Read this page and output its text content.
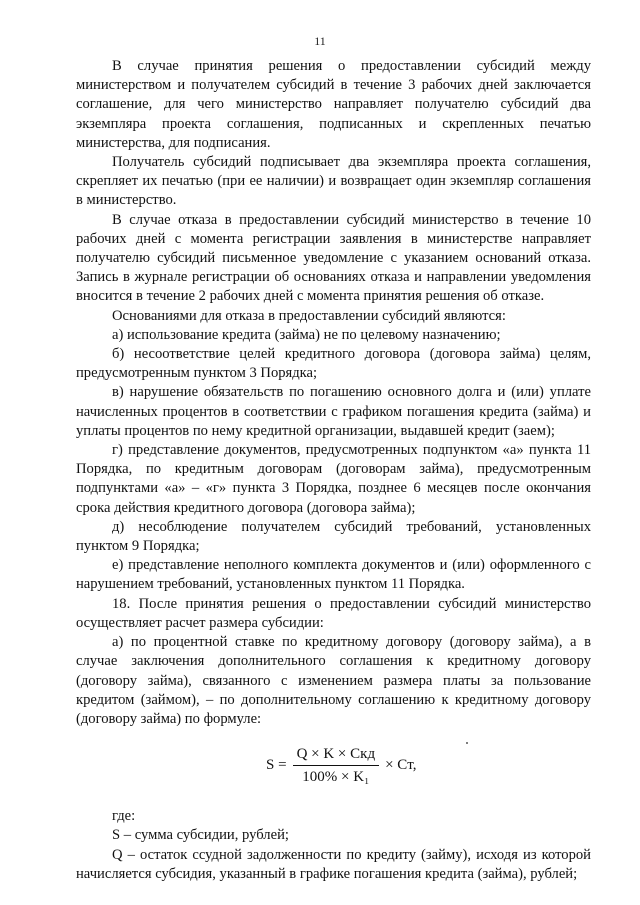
11

В случае принятия решения о предоставлении субсидий между министерством и получателем субсидий в течение 3 рабочих дней заключается соглашение, для чего министерство направляет получателю субсидий два экземпляра проекта соглашения, подписанных и скрепленных печатью министерства, для подписания.

Получатель субсидий подписывает два экземпляра проекта соглашения, скрепляет их печатью (при ее наличии) и возвращает один экземпляр соглашения в министерство.

В случае отказа в предоставлении субсидий министерство в течение 10 рабочих дней с момента регистрации заявления в министерстве направляет получателю субсидий письменное уведомление с указанием оснований отказа. Запись в журнале регистрации об основаниях отказа и направлении уведомления вносится в течение 2 рабочих дней с момента принятия решения об отказе.

Основаниями для отказа в предоставлении субсидий являются:

а) использование кредита (займа) не по целевому назначению;

б) несоответствие целей кредитного договора (договора займа) целям, предусмотренным пунктом 3 Порядка;

в) нарушение обязательств по погашению основного долга и (или) уплате начисленных процентов в соответствии с графиком погашения кредита (займа) и уплаты процентов по нему кредитной организации, выдавшей кредит (заем);

г) представление документов, предусмотренных подпунктом «а» пункта 11 Порядка, по кредитным договорам (договорам займа), предусмотренным подпунктами «а» – «г» пункта 3 Порядка, позднее 6 месяцев после окончания срока действия кредитного договора (договора займа);

д) несоблюдение получателем субсидий требований, установленных пунктом 9 Порядка;

е) представление неполного комплекта документов и (или) оформленного с нарушением требований, установленных пунктом 11 Порядка.

18. После принятия решения о предоставлении субсидий министерство осуществляет расчет размера субсидии:

а) по процентной ставке по кредитному договору (договору займа), а в случае заключения дополнительного соглашения к кредитному договору (договору займа), связанного с изменением размера платы за пользование кредитом (займом), – по дополнительному соглашению к кредитному договору (договору займа) по формуле:

$S = \frac{\text{Q × K × Cкд}}{\text{100\% × K₁}}$ × Cт,

где:

S – сумма субсидии, рублей;

Q – остаток ссудной задолженности по кредиту (займу), исходя из которой начисляется субсидия, указанный в графике погашения кредита (займа), рублей;
